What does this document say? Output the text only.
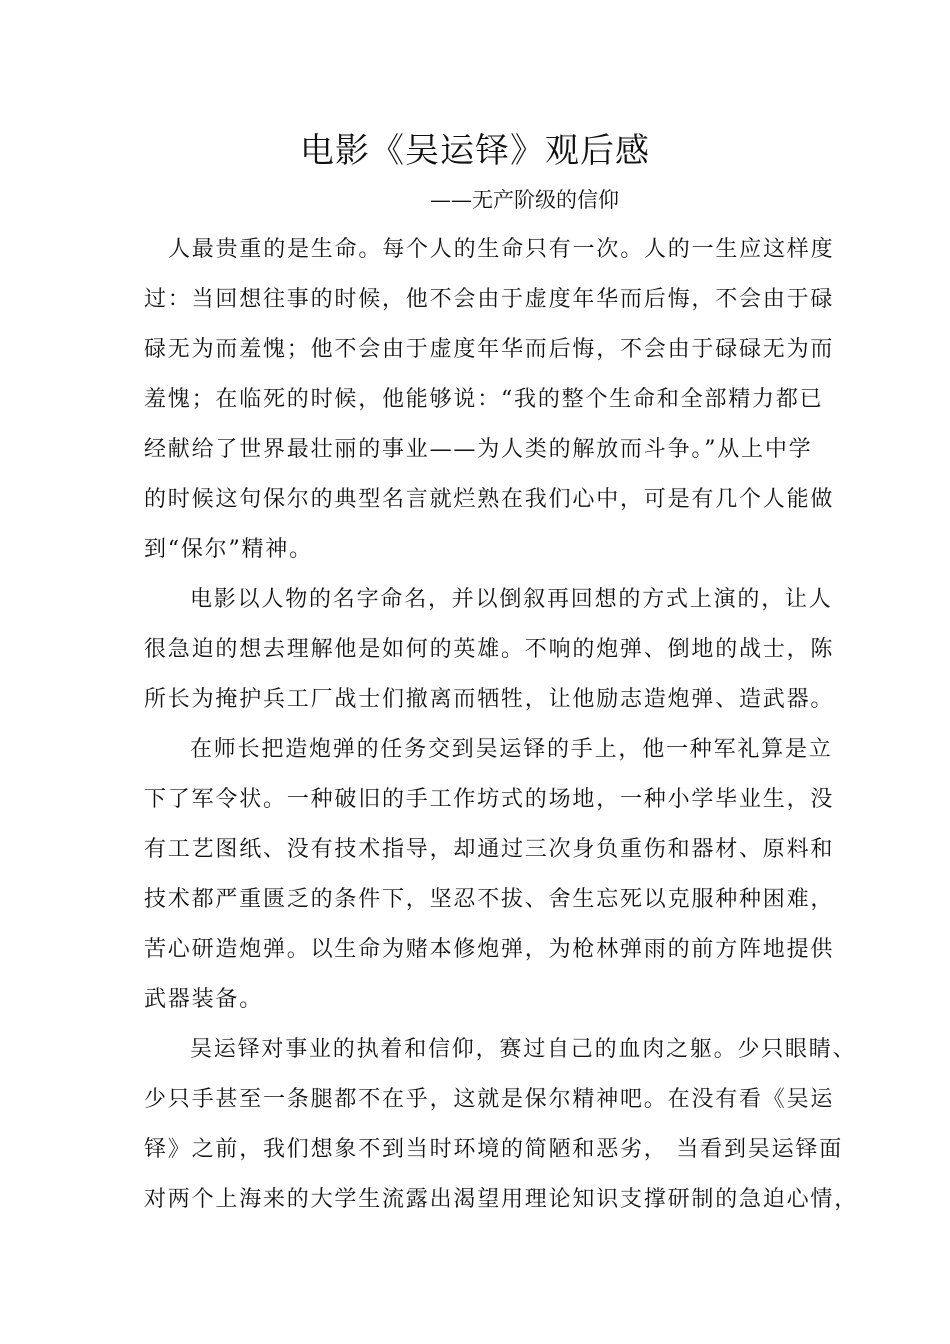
电影《吴运铎》观后感
——无产阶级的信仰
人最贵重的是生命。每个人的生命只有一次。人的一生应这样度
过：当回想往事的时候，他不会由于虚度年华而后悔，不会由于碌
碌无为而羞愧；他不会由于虚度年华而后悔，不会由于碌碌无为而
羞愧；在临死的时候，他能够说：“我的整个生命和全部精力都已
经献给了世界最壮丽的事业——为人类的解放而斗争。”从上中学
的时候这句保尔的典型名言就烂熟在我们心中，可是有几个人能做
到“保尔”精神。
电影以人物的名字命名，并以倒叙再回想的方式上演的，让人
很急迫的想去理解他是如何的英雄。不响的炮弹、倒地的战士，陈
所长为掩护兵工厂战士们撤离而牺牲，让他励志造炮弹、造武器。
在师长把造炮弹的任务交到吴运铎的手上，他一种军礼算是立
下了军令状。一种破旧的手工作坊式的场地，一种小学毕业生，没
有工艺图纸、没有技术指导，却通过三次身负重伤和器材、原料和
技术都严重匮乏的条件下，坚忍不拔、舍生忘死以克服种种困难，
苦心研造炮弹。以生命为赌本修炮弹，为枪林弹雨的前方阵地提供
武器装备。
吴运铎对事业的执着和信仰，赛过自己的血肉之躯。少只眼睛、
少只手甚至一条腿都不在乎，这就是保尔精神吧。在没有看《吴运
铎》之前，我们想象不到当时环境的简陋和恶劣， 当看到吴运铎面
对两个上海来的大学生流露出渴望用理论知识支撑研制的急迫心情，
